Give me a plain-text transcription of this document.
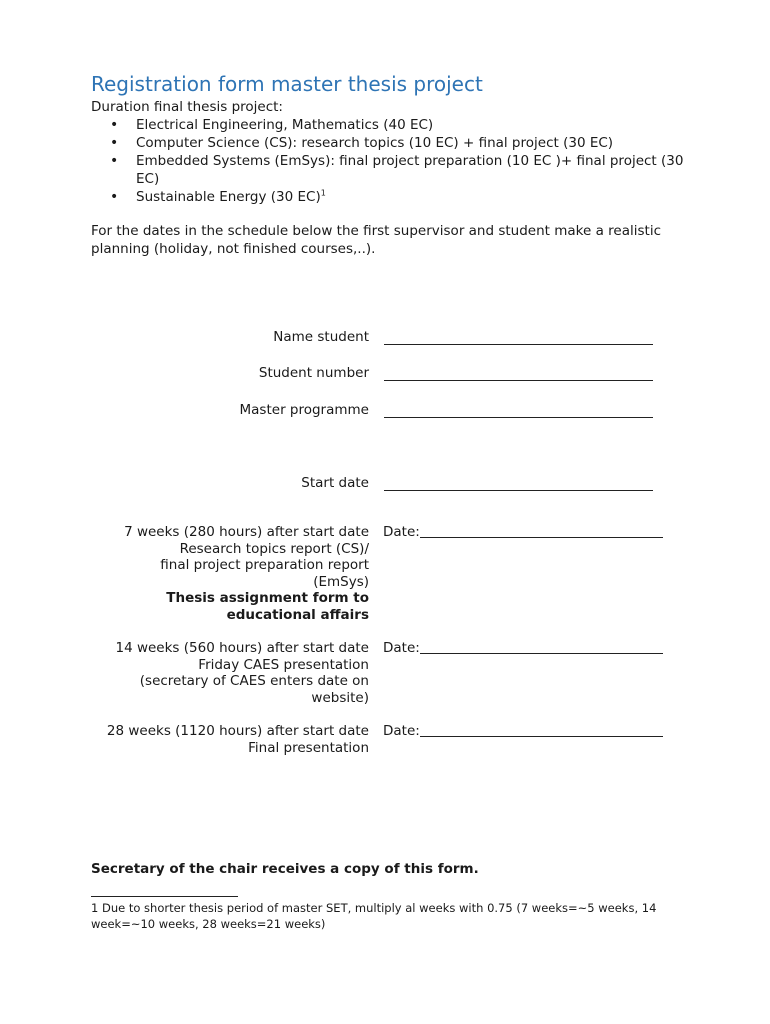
Registration form master thesis project
Duration final thesis project:
• Electrical Engineering, Mathematics (40 EC)
• Computer Science (CS): research topics (10 EC) + final project (30 EC)
• Embedded Systems (EmSys): final project preparation (10 EC )+ final project (30 EC)
• Sustainable Energy (30 EC)$^1$

For the dates in the schedule below the first supervisor and student make a realistic planning (holiday, not finished courses,..).

Name student
Student number
Master programme
Start date
7 weeks (280 hours) after start date
Research topics report (CS)/
final project preparation report
(EmSys)
Thesis assignment form to
educational affairs
Date:
14 weeks (560 hours) after start date
Friday CAES presentation
(secretary of CAES enters date on
website)
Date:
28 weeks (1120 hours) after start date
Final presentation
Date:

Secretary of the chair receives a copy of this form.

1 Due to shorter thesis period of master SET, multiply al weeks with 0.75 (7 weeks=~5 weeks, 14 week=~10 weeks, 28 weeks=21 weeks)
